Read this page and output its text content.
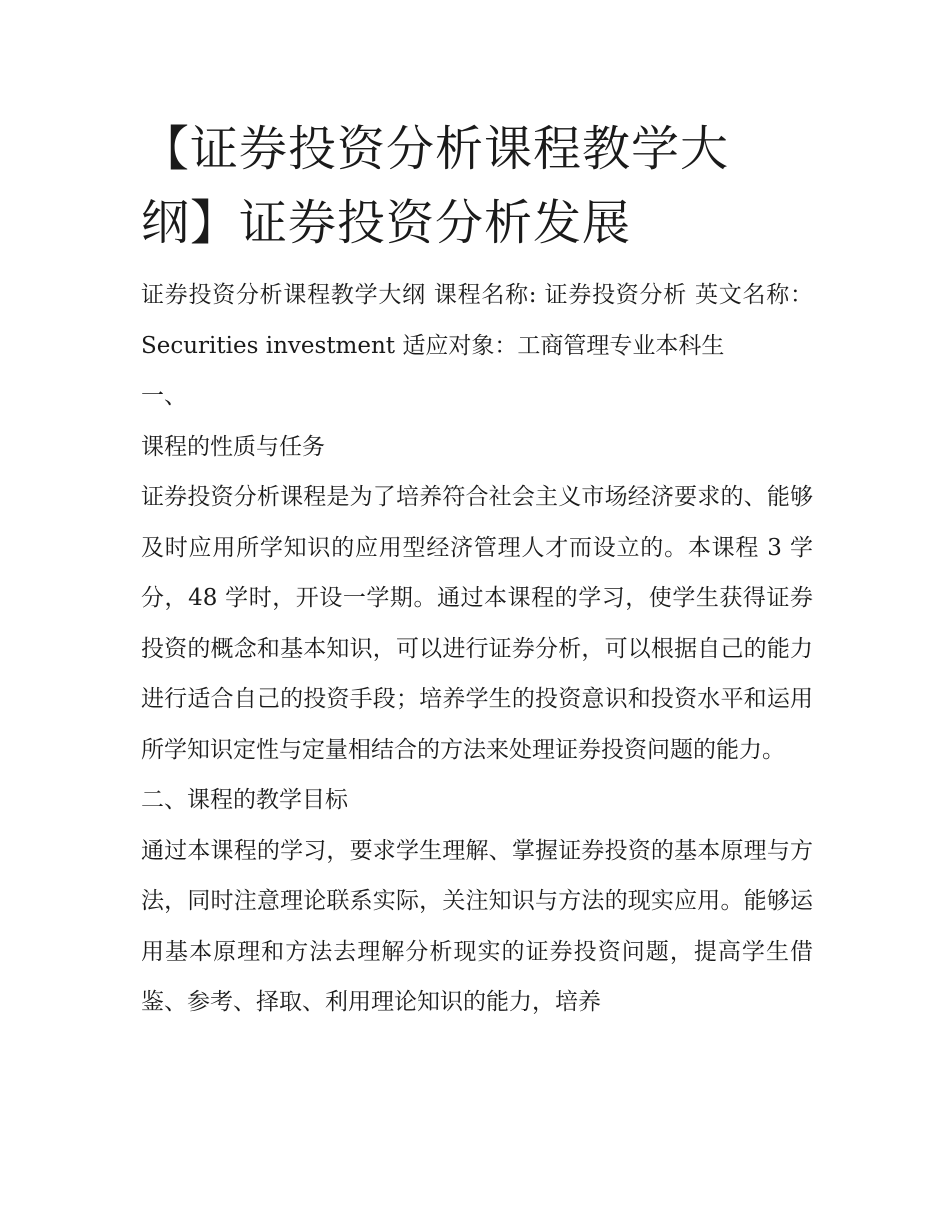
【证券投资分析课程教学大纲】证券投资分析发展

证券投资分析课程教学大纲 课程名称: 证券投资分析 英文名称： Securities investment 适应对象：工商管理专业本科生

一、

课程的性质与任务

证券投资分析课程是为了培养符合社会主义市场经济要求的、能够及时应用所学知识的应用型经济管理人才而设立的。本课程 3 学分，48 学时，开设一学期。通过本课程的学习，使学生获得证券投资的概念和基本知识，可以进行证券分析，可以根据自己的能力进行适合自己的投资手段；培养学生的投资意识和投资水平和运用所学知识定性与定量相结合的方法来处理证券投资问题的能力。

二、课程的教学目标

通过本课程的学习，要求学生理解、掌握证券投资的基本原理与方法，同时注意理论联系实际，关注知识与方法的现实应用。能够运用基本原理和方法去理解分析现实的证券投资问题，提高学生借鉴、参考、择取、利用理论知识的能力，培养
